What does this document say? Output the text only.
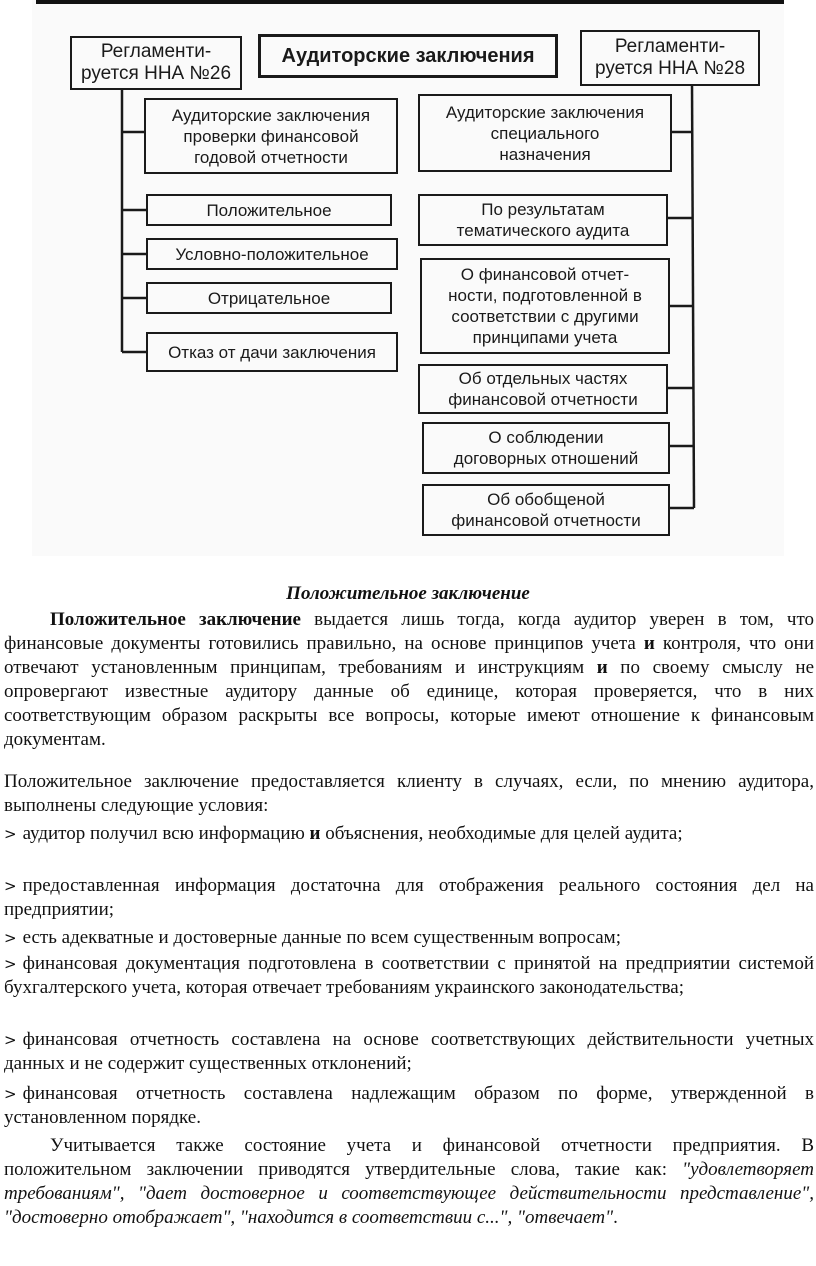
Регламенти-
руется ННА №26
Аудиторские заключения	Регламенти-
руется ННА №28
Аудиторские заключения
проверки финансовой
годовой отчетности
Аудиторские заключения
специального
назначения
Положительное
Условно-положительное
Отрицательное
Отказ от дачи заключения
По результатам
тематического аудита
О финансовой отчет-
ности, подготовленной в
соответствии с другими
принципами учета
Об отдельных частях
финансовой отчетности
О соблюдении
договорных отношений
Об обобщеной
финансовой отчетности
Положительное заключение

Положительное заключение выдается лишь тогда, когда аудитор уверен в том, что финансовые документы готовились правильно, на основе принципов учета и контроля, что они отвечают установленным принципам, требованиям и инструкциям и по своему смыслу не опровергают известные аудитору данные об единице, которая проверяется, что в них соответствующим образом раскрыты все вопросы, которые имеют отношение к финансовым документам.

Положительное заключение предоставляется клиенту в случаях, если, по мнению аудитора, выполнены следующие условия:

> аудитор получил всю информацию и объяснения, необходимые для целей аудита;

> предоставленная информация достаточна для отображения реального состояния дел на предприятии;

> есть адекватные и достоверные данные по всем существенным вопросам;

> финансовая документация подготовлена в соответствии с принятой на предприятии системой бухгалтерского учета, которая отвечает требованиям украинского законодательства;

> финансовая отчетность составлена на основе соответствующих действительности учетных данных и не содержит существенных отклонений;

> финансовая отчетность составлена надлежащим образом по форме, утвержденной в установленном порядке.

Учитывается также состояние учета и финансовой отчетности предприятия. В положительном заключении приводятся утвердительные слова, такие как: "удовлетворяет требованиям", "дает достоверное и соответствующее действительности представление", "достоверно отображает", "находится в соответствии с...", "отвечает".
